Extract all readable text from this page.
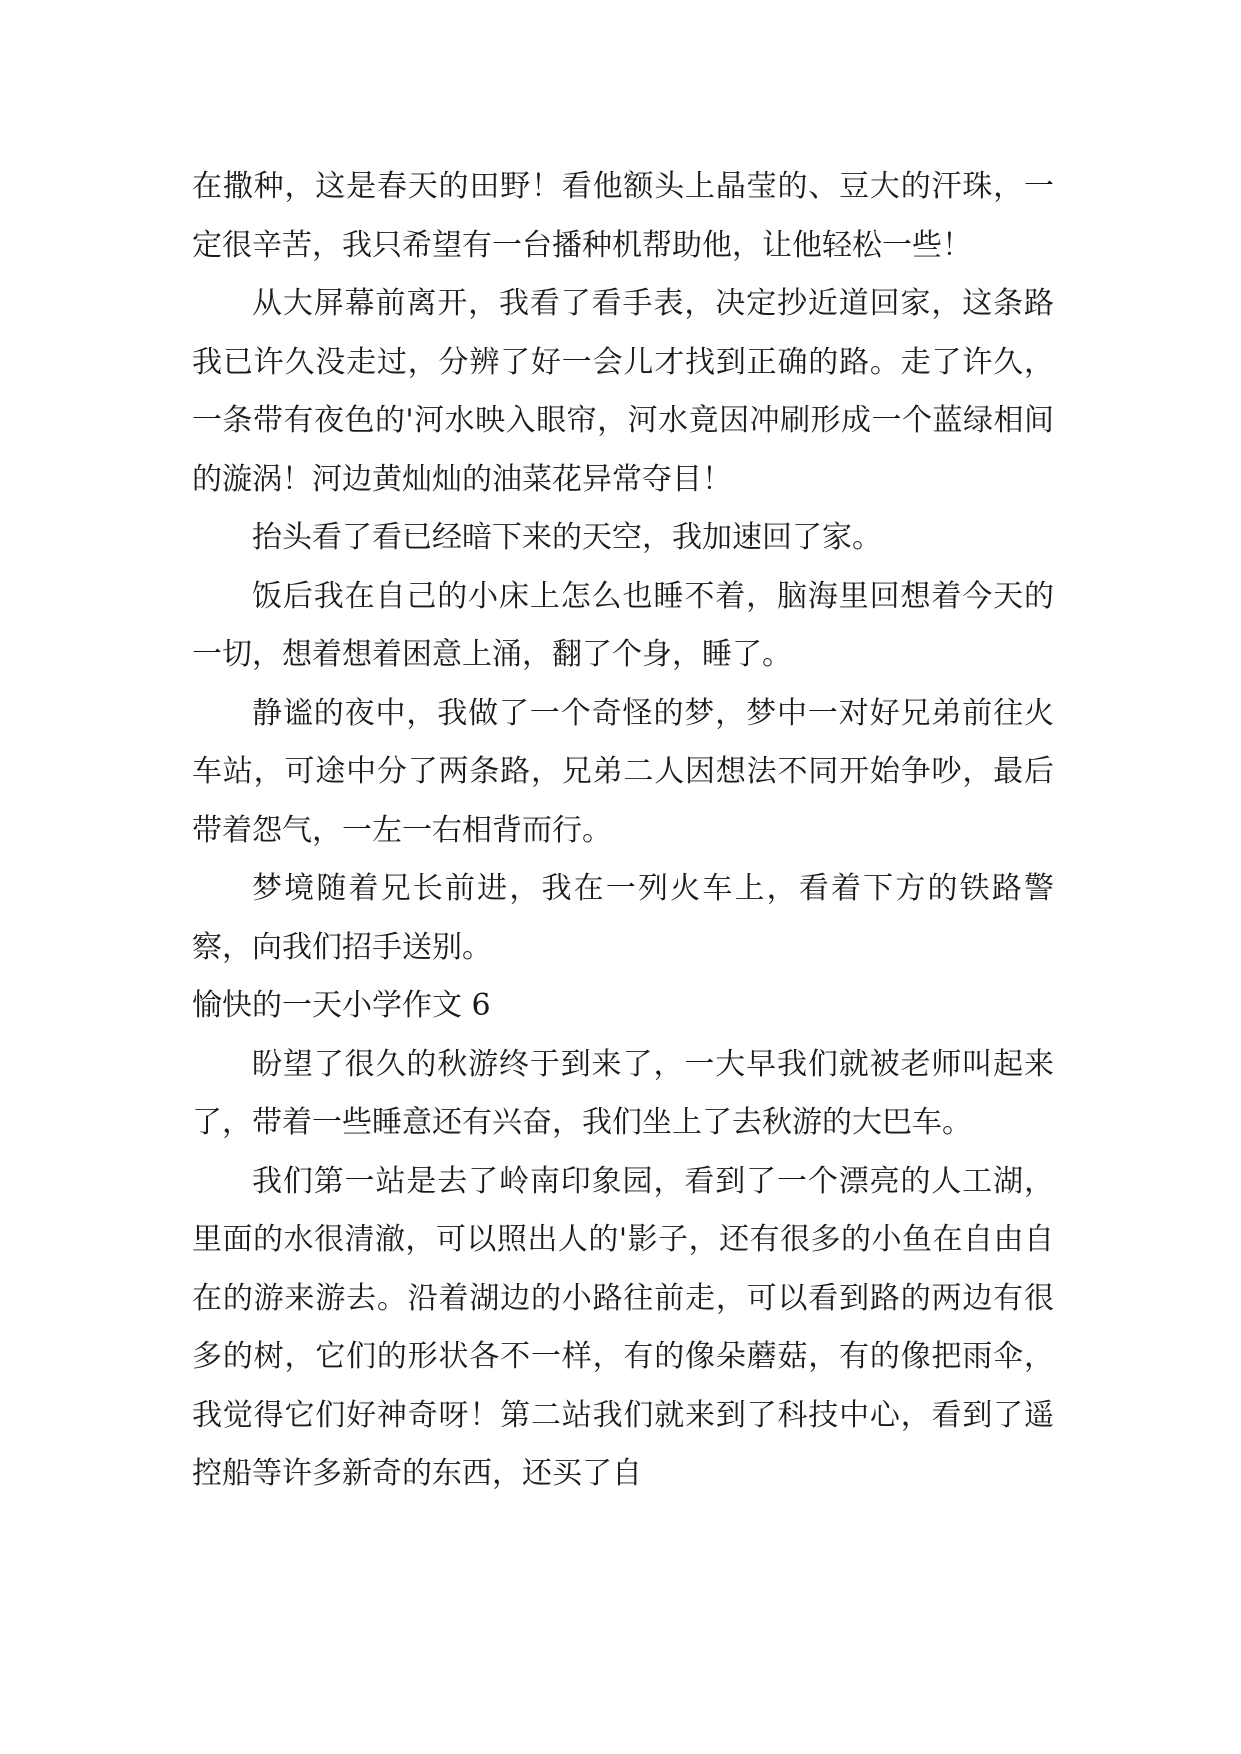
在撒种，这是春天的田野！看他额头上晶莹的、豆大的汗珠，一定很辛苦，我只希望有一台播种机帮助他，让他轻松一些！

从大屏幕前离开，我看了看手表，决定抄近道回家，这条路我已许久没走过，分辨了好一会儿才找到正确的路。走了许久，一条带有夜色的'河水映入眼帘，河水竟因冲刷形成一个蓝绿相间的漩涡！河边黄灿灿的油菜花异常夺目！

抬头看了看已经暗下来的天空，我加速回了家。

饭后我在自己的小床上怎么也睡不着，脑海里回想着今天的一切，想着想着困意上涌，翻了个身，睡了。

静谧的夜中，我做了一个奇怪的梦，梦中一对好兄弟前往火车站，可途中分了两条路，兄弟二人因想法不同开始争吵，最后带着怨气，一左一右相背而行。

梦境随着兄长前进，我在一列火车上，看着下方的铁路警察，向我们招手送别。

愉快的一天小学作文 6

盼望了很久的秋游终于到来了，一大早我们就被老师叫起来了，带着一些睡意还有兴奋，我们坐上了去秋游的大巴车。

我们第一站是去了岭南印象园，看到了一个漂亮的人工湖，里面的水很清澈，可以照出人的'影子，还有很多的小鱼在自由自在的游来游去。沿着湖边的小路往前走，可以看到路的两边有很多的树，它们的形状各不一样，有的像朵蘑菇，有的像把雨伞，我觉得它们好神奇呀！第二站我们就来到了科技中心，看到了遥控船等许多新奇的东西，还买了自
